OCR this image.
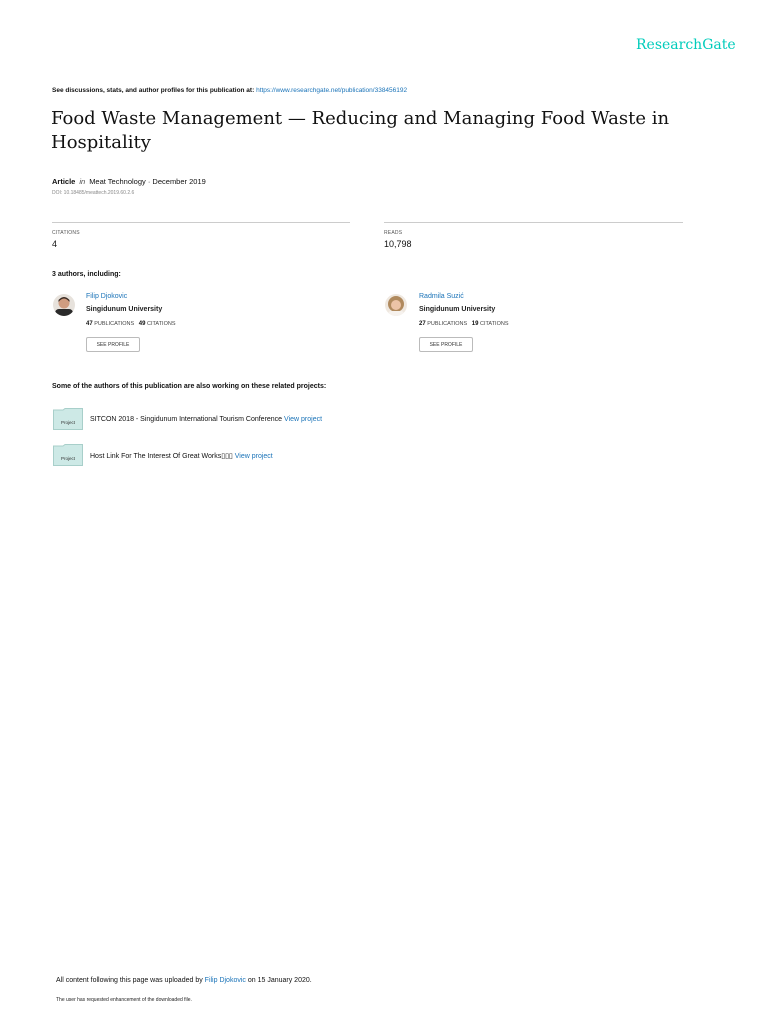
ResearchGate
See discussions, stats, and author profiles for this publication at: https://www.researchgate.net/publication/338456192
Food Waste Management — Reducing and Managing Food Waste in Hospitality
Article in Meat Technology · December 2019
DOI: 10.18485/meattech.2019.60.2.6
CITATIONS
4
READS
10,798
3 authors, including:
Filip Djokovic
Singidunum University
47 PUBLICATIONS 49 CITATIONS
SEE PROFILE
Radmila Suzić
Singidunum University
27 PUBLICATIONS 19 CITATIONS
SEE PROFILE
Some of the authors of this publication are also working on these related projects:
Project SITCON 2018 - Singidunum International Tourism Conference View project
Project Host Link For The Interest Of Great Works▯▯▯ View project
All content following this page was uploaded by Filip Djokovic on 15 January 2020.
The user has requested enhancement of the downloaded file.
